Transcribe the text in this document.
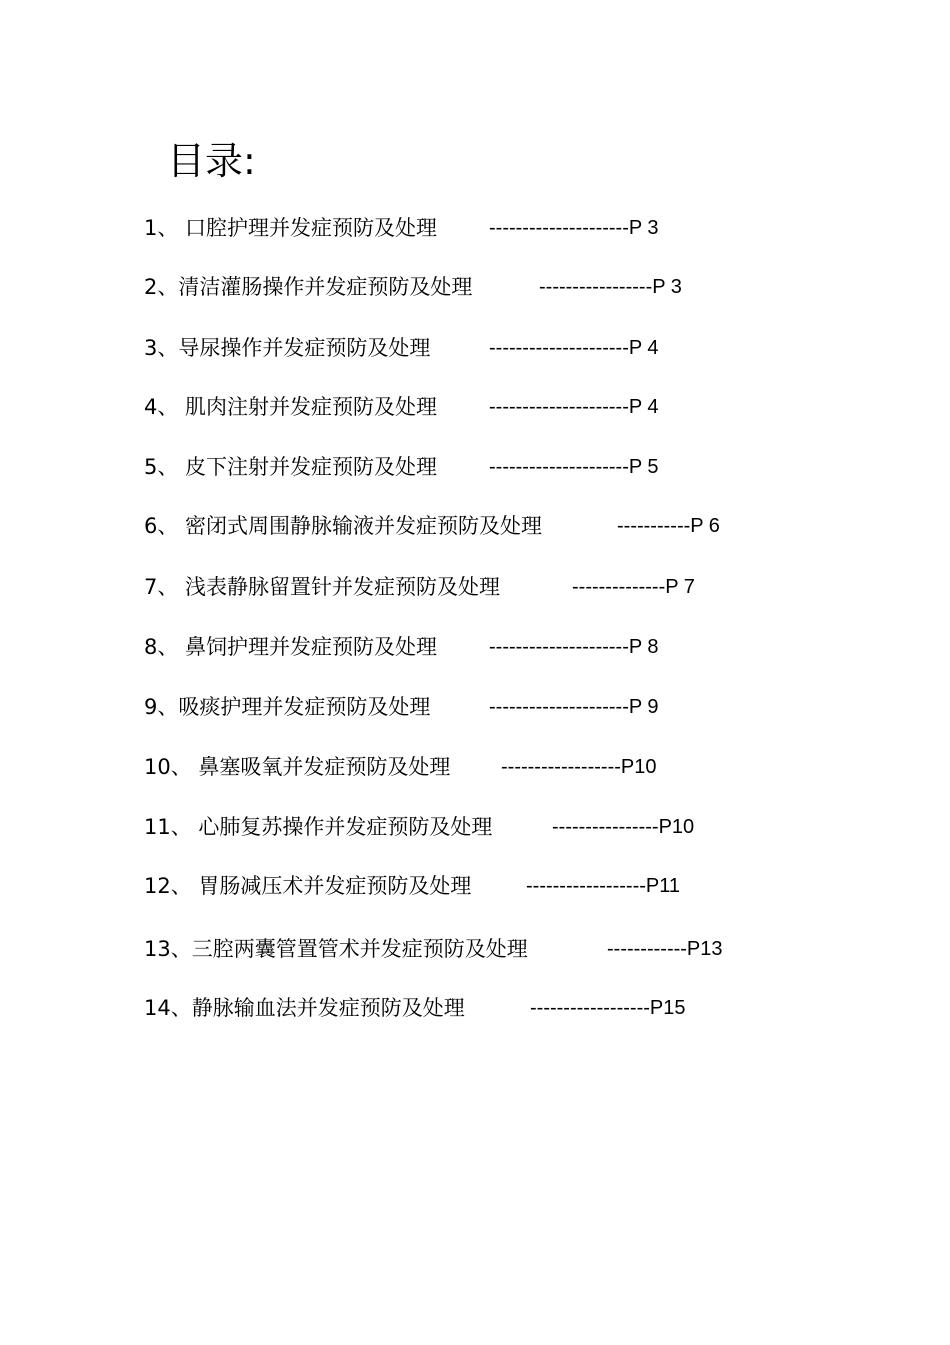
目录:
1、 口腔护理并发症预防及处理	---------------------P 3
2、清洁灌肠操作并发症预防及处理	-----------------P 3
3、导尿操作并发症预防及处理	---------------------P 4
4、 肌肉注射并发症预防及处理	---------------------P 4
5、 皮下注射并发症预防及处理	---------------------P 5
6、 密闭式周围静脉输液并发症预防及处理	-----------P 6
7、 浅表静脉留置针并发症预防及处理	--------------P 7
8、 鼻饲护理并发症预防及处理	---------------------P 8
9、吸痰护理并发症预防及处理	---------------------P 9
10、 鼻塞吸氧并发症预防及处理	------------------P10
11、 心肺复苏操作并发症预防及处理	----------------P10
12、 胃肠减压术并发症预防及处理	------------------P11
13、三腔两囊管置管术并发症预防及处理	------------P13
14、静脉输血法并发症预防及处理	------------------P15
